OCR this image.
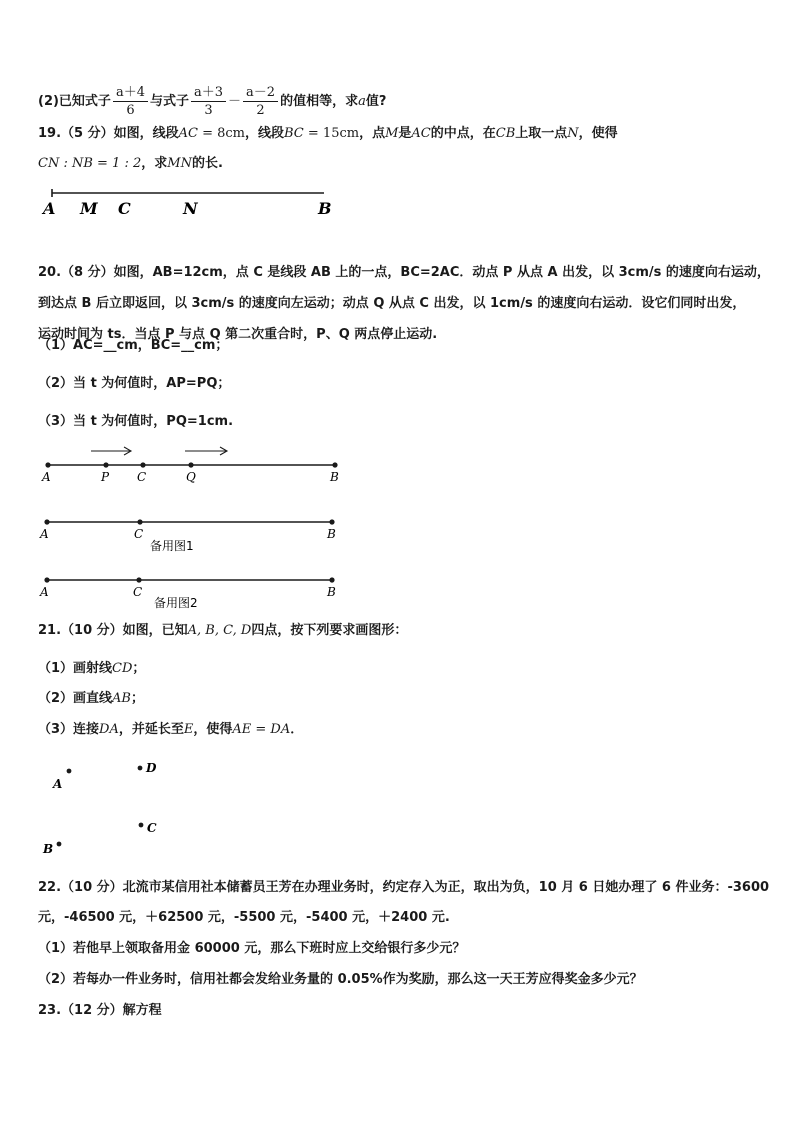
(2)已知式子 $\frac{a+4}{6}$ 与式子 $\frac{a+3}{3} - \frac{a-2}{2}$ 的值相等，求a值?
19.（5 分）如图，线段AC = 8cm，线段BC = 15cm，点M是AC的中点，在CB上取一点N，使得
CN : NB = 1 : 2，求MN的长.
A M C	N	B
A	P C	Q	B
A	C	B
备用图1
A	C	B
备用图2
A
D
C
B
20.（8 分）如图，AB=12cm，点 C 是线段 AB 上的一点，BC=2AC．动点 P 从点 A 出发，以 3cm/s 的速度向右运动，
到达点 B 后立即返回，以 3cm/s 的速度向左运动；动点 Q 从点 C 出发，以 1cm/s 的速度向右运动．设它们同时出发，
运动时间为 ts．当点 P 与点 Q 第二次重合时，P、Q 两点停止运动.
（1）AC=__cm，BC=__cm；
（2）当 t 为何值时，AP=PQ；
（3）当 t 为何值时，PQ=1cm.
21.（10 分）如图，已知A, B, C, D四点，按下列要求画图形：
（1）画射线CD；
（2）画直线AB；
（3）连接DA，并延长至E，使得AE = DA．
22.（10 分）北流市某信用社本储蓄员王芳在办理业务时，约定存入为正，取出为负，10 月 6 日她办理了 6 件业务：-3600
元，-46500 元，＋62500 元，-5500 元，-5400 元，＋2400 元.
（1）若他早上领取备用金 60000 元，那么下班时应上交给银行多少元？
（2）若每办一件业务时，信用社都会发给业务量的 0.05%作为奖励，那么这一天王芳应得奖金多少元？
23.（12 分）解方程
